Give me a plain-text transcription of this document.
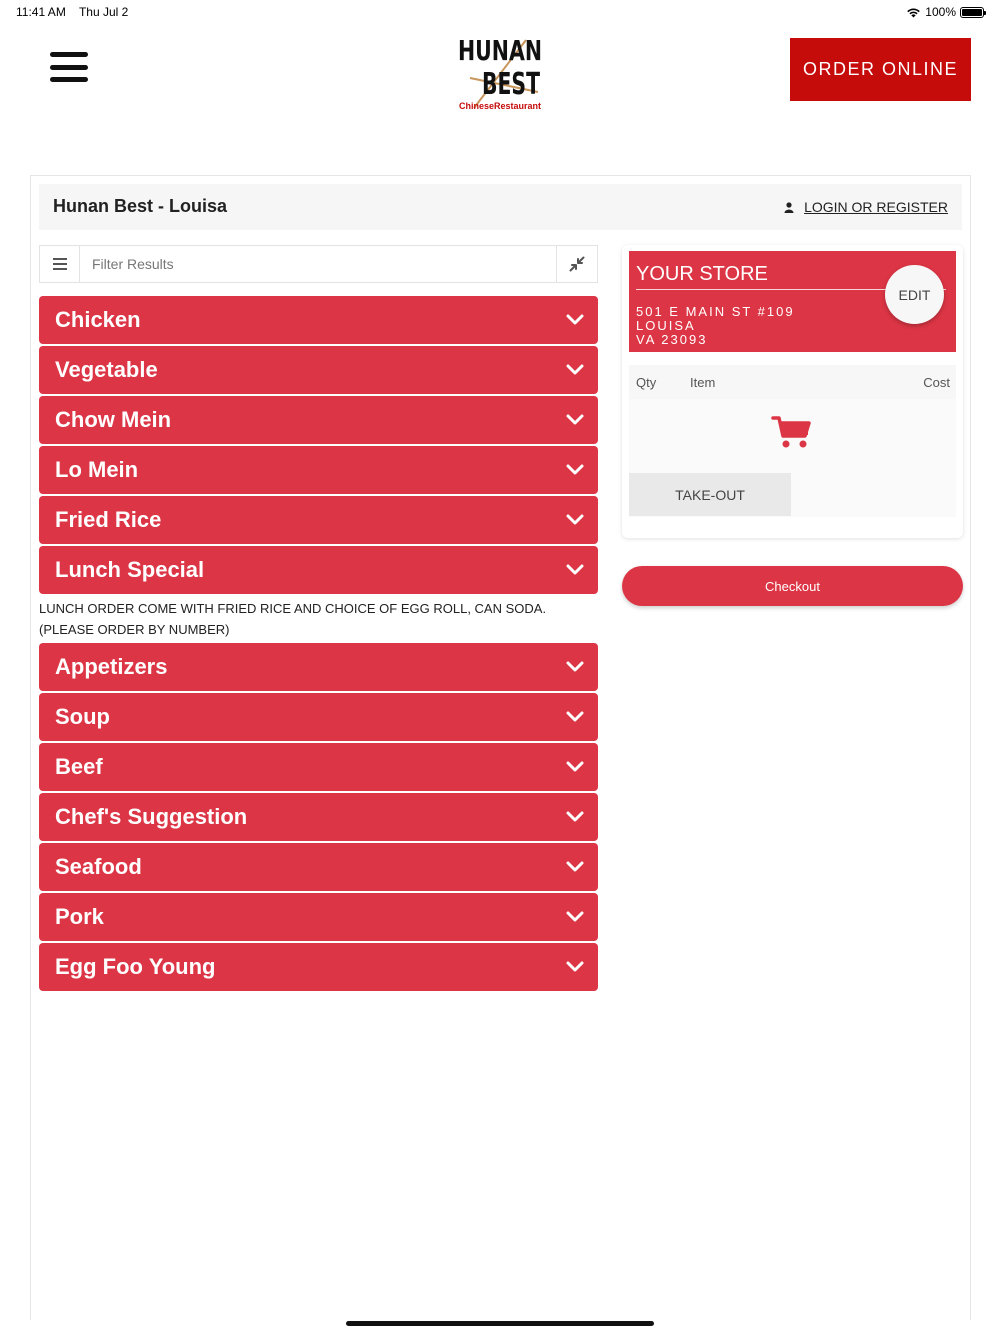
11:41 AM Thu Jul 2	100%
HUNAN
BEST
ChineseRestaurant
ORDER ONLINE
Hunan Best - Louisa	LOGIN OR REGISTER
Filter Results
Chicken
Vegetable
Chow Mein
Lo Mein
Fried Rice
Lunch Special
LUNCH ORDER COME WITH FRIED RICE AND CHOICE OF EGG ROLL, CAN SODA. (PLEASE ORDER BY NUMBER)
Appetizers
Soup
Beef
Chef's Suggestion
Seafood
Pork
Egg Foo Young
YOUR STORE
501 E MAIN ST #109
LOUISA
VA 23093
EDIT
Qty	Item	Cost
TAKE-OUT
Checkout
